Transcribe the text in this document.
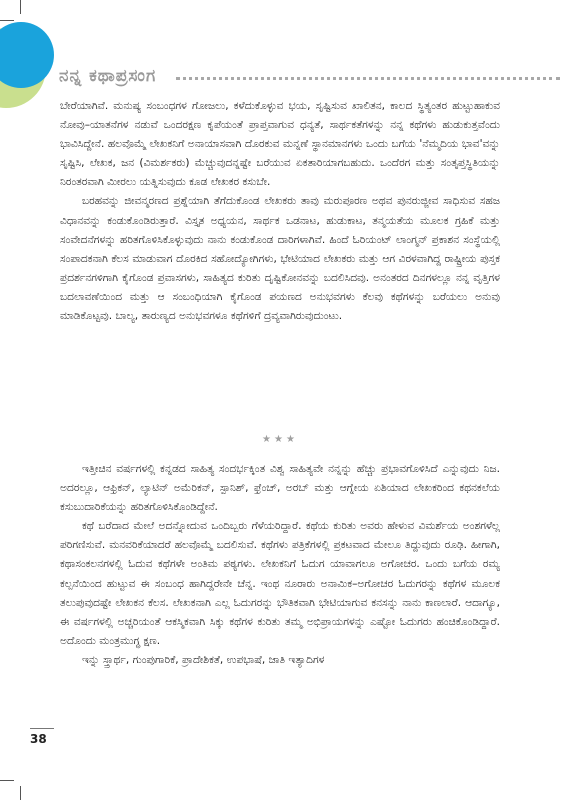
ನನ್ನ ಕಥಾಪ್ರಸಂಗ

ಬೇರೆಯಾಗಿವೆ. ಮನುಷ್ಯ ಸಂಬಂಧಗಳ ಗೋಜಲು, ಕಳೆದುಕೊಳ್ಳುವ ಭಯ, ಸೃಷ್ಟಿಸುವ ಖಾಲಿತನ, ಕಾಲದ ಸ್ಥಿತ್ಯಂತರ ಹುಟ್ಟುಹಾಕುವ ನೋವು–ಯಾತನೆಗಳ ನಡುವೆ ಒಂದರಕ್ಷಣ ಕೃಪೆಯಂತೆ ಪ್ರಾಪ್ತವಾಗುವ ಧನ್ಯತೆ, ಸಾರ್ಥಕತೆಗಳನ್ನು ನನ್ನ ಕಥೆಗಳು ಹುಡುಕುತ್ತವೆಂದು ಭಾವಿಸಿದ್ದೇನೆ. ಹಲವೊಮ್ಮೆ ಲೇಖಕನಿಗೆ ಅನಾಯಾಸವಾಗಿ ದೊರಕುವ ಮನ್ನಣೆ ಸ್ಥಾನಮಾನಗಳು ಒಂದು ಬಗೆಯ 'ನೆಮ್ಮದಿಯ ಭಾವ'ವನ್ನು ಸೃಷ್ಟಿಸಿ, ಲೇಖಕ, ಜನ (ವಿಮರ್ಶಕರು) ಮೆಚ್ಚುವುದನ್ನಷ್ಟೇ ಬರೆಯುವ ಏಕತಾರಿಯಾಗಬಹುದು. ಒಂದೆರಗ ಮತ್ತು ಸಂತೃಪ್ತಸ್ಥಿತಿಯನ್ನು ನಿರಂತರವಾಗಿ ಮೀರಲು ಯತ್ನಿಸುವುದು ಕೂಡ ಲೇಖಕರ ಕಸುಬೇ.

ಬರಹವನ್ನು ಜೀವನ್ಮರಣದ ಪ್ರಶ್ನೆಯಾಗಿ ತೆಗೆದುಕೊಂಡ ಲೇಖಕರು ತಾವು ಮರುಪೂರಣ ಅಥವ ಪುನರುಜ್ಜೀವ ಸಾಧಿಸುವ ಸಹಜ ವಿಧಾನವನ್ನು ಕಂಡುಕೊಂಡಿರುತ್ತಾರೆ. ವಿಸ್ತೃತ ಅಧ್ಯಯನ, ಸಾರ್ಥಕ ಒಡನಾಟ, ಹುಡುಕಾಟ, ತನ್ಮಯತೆಯ ಮೂಲಕ ಗ್ರಹಿಕೆ ಮತ್ತು ಸಂವೇದನೆಗಳನ್ನು ಹರಿತಗೊಳಿಸಿಕೊಳ್ಳುವುದು ನಾನು ಕಂಡುಕೊಂಡ ದಾರಿಗಳಾಗಿವೆ. ಹಿಂದೆ ಓರಿಯಂಟ್ ಲಾಂಗ್ಮನ್ ಪ್ರಕಾಶನ ಸಂಸ್ಥೆಯಲ್ಲಿ ಸಂಪಾದಕನಾಗಿ ಕೆಲಸ ಮಾಡುವಾಗ ದೊರಕಿದ ಸಹೋದ್ಯೋಗಿಗಳು, ಭೇಟಿಯಾದ ಲೇಖಕರು ಮತ್ತು ಆಗ ವಿರಳವಾಗಿದ್ದ ರಾಷ್ಟ್ರೀಯ ಪುಸ್ತಕ ಪ್ರದರ್ಶನಗಳಿಗಾಗಿ ಕೈಗೊಂಡ ಪ್ರವಾಸಗಳು, ಸಾಹಿತ್ಯದ ಕುರಿತು ದೃಷ್ಟಿಕೋನವನ್ನು ಬದಲಿಸಿದವು. ಅನಂತರದ ದಿನಗಳಲ್ಲೂ ನನ್ನ ವೃತ್ತಿಗಳ ಬದಲಾವಣೆಯಿಂದ ಮತ್ತು ಆ ಸಂಬಂಧಿಯಾಗಿ ಕೈಗೊಂಡ ಪಯಣದ ಅನುಭವಗಳು ಕೆಲವು ಕಥೆಗಳನ್ನು ಬರೆಯಲು ಅನುವು ಮಾಡಿಕೊಟ್ಟವು. ಬಾಲ್ಯ, ತಾರುಣ್ಯದ ಅನುಭವಗಳೂ ಕಥೆಗಳಿಗೆ ದ್ರವ್ಯವಾಗಿರುವುದುಂಟು.

★★★

ಇತ್ತೀಚಿನ ವರ್ಷಗಳಲ್ಲಿ ಕನ್ನಡದ ಸಾಹಿತ್ಯ ಸಂದರ್ಭಕ್ಕಿಂತ ವಿಶ್ವ ಸಾಹಿತ್ಯವೇ ನನ್ನನ್ನು ಹೆಚ್ಚು ಪ್ರಭಾವಗೊಳಿಸಿದೆ ಎನ್ನುವುದು ನಿಜ. ಅದರಲ್ಲೂ, ಆಫ್ರಿಕನ್, ಲ್ಯಾಟಿನ್ ಅಮೆರಿಕನ್, ಸ್ಪಾನಿಶ್, ಫ್ರೆಂಚ್, ಅರಬ್ ಮತ್ತು ಆಗ್ನೇಯ ಏಶಿಯಾದ ಲೇಖಕರಿಂದ ಕಥನಕಲೆಯ ಕಸುಬುದಾರಿಕೆಯನ್ನು ಹರಿತಗೊಳಿಸಿಕೊಂಡಿದ್ದೇನೆ.

ಕಥೆ ಬರೆದಾದ ಮೇಲೆ ಅದನ್ನೋದುವ ಒಂದಿಬ್ಬರು ಗೆಳೆಯರಿದ್ದಾರೆ. ಕಥೆಯ ಕುರಿತು ಅವರು ಹೇಳುವ ವಿಮರ್ಶೆಯ ಅಂಶಗಳೆಲ್ಲ ಪರಿಗಣಿಸುವೆ. ಮನವರಿಕೆಯಾದರೆ ಹಲವೊಮ್ಮೆ ಬದಲಿಸುವೆ. ಕಥೆಗಳು ಪತ್ರಿಕೆಗಳಲ್ಲಿ ಪ್ರಕಟವಾದ ಮೇಲೂ ತಿದ್ದುವುದು ರೂಢಿ. ಹೀಗಾಗಿ, ಕಥಾಸಂಕಲನಗಳಲ್ಲಿ ಓದುವ ಕಥೆಗಳೇ ಅಂತಿಮ ಪಠ್ಯಗಳು. ಲೇಖಕನಿಗೆ ಓದುಗ ಯಾವಾಗಲೂ ಅಗೋಚರ. ಒಂದು ಬಗೆಯ ರಮ್ಯ ಕಲ್ಪನೆಯಿಂದ ಹುಟ್ಟುವ ಈ ಸಂಬಂಧ ಹಾಗಿದ್ದರೇನೇ ಚೆನ್ನ. ಇಂಥ ನೂರಾರು ಅನಾಮಿಕ–ಅಗೋಚರ ಓದುಗರನ್ನು ಕಥೆಗಳ ಮೂಲಕ ತಲುಪುವುದಷ್ಟೇ ಲೇಖಕನ ಕೆಲಸ. ಲೇಖಕನಾಗಿ ಎಲ್ಲ ಓದುಗರನ್ನು ಭೌತಿಕವಾಗಿ ಭೇಟಿಯಾಗುವ ಕನಸನ್ನು ನಾನು ಕಾಣಲಾರೆ. ಆದಾಗ್ಯೂ, ಈ ವರ್ಷಗಳಲ್ಲಿ ಅಚ್ಚರಿಯಂತೆ ಆಕಸ್ಮಿಕವಾಗಿ ಸಿಕ್ಕು ಕಥೆಗಳ ಕುರಿತು ತಮ್ಮ ಅಭಿಪ್ರಾಯಗಳನ್ನು ಎಷ್ಟೋ ಓದುಗರು ಹಂಚಿಕೊಂಡಿದ್ದಾರೆ. ಅದೊಂದು ಮಂತ್ರಮುಗ್ಧ ಕ್ಷಣ.

ಇನ್ನು ಸ್ತ್ರಾರ್ಥ, ಗುಂಪುಗಾರಿಕೆ, ಪ್ರಾದೇಶಿಕತೆ, ಉಪಭಾಷೆ, ಜಾತಿ ಇತ್ಯಾದಿಗಳ

38
